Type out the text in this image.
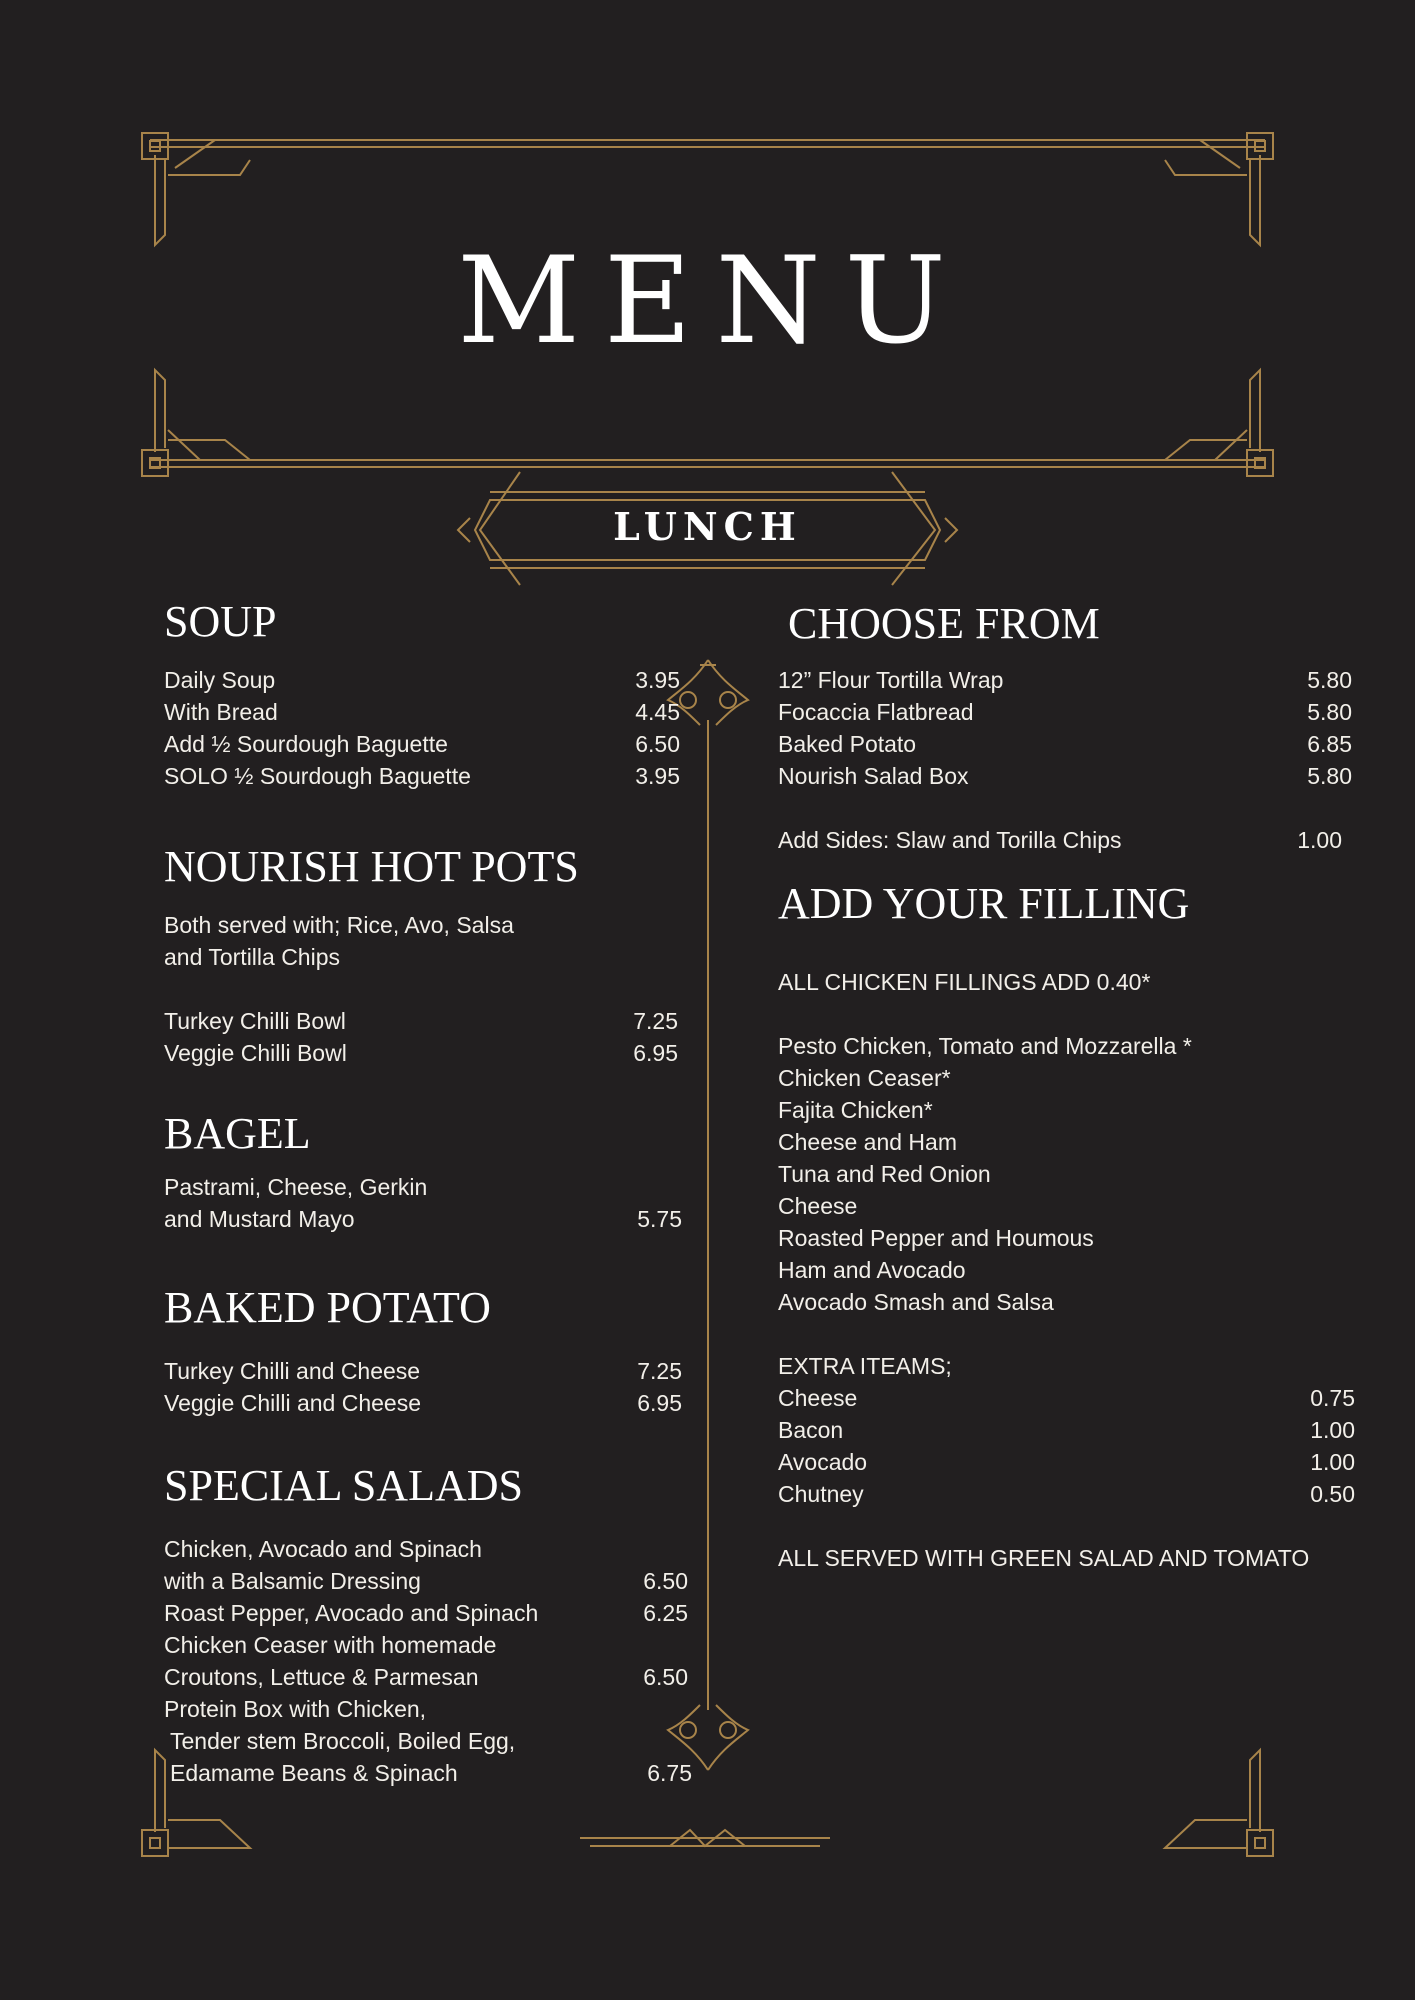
MENU
LUNCH
SOUP
Daily Soup	3.95
With Bread	4.45
Add ½ Sourdough Baguette	6.50
SOLO ½ Sourdough Baguette	3.95
NOURISH HOT POTS
Both served with; Rice, Avo, Salsa
and Tortilla Chips
Turkey Chilli Bowl	7.25
Veggie Chilli Bowl	6.95
BAGEL
Pastrami, Cheese, Gerkin
and Mustard Mayo	5.75
BAKED POTATO
Turkey Chilli and Cheese	7.25
Veggie Chilli and Cheese	6.95
SPECIAL SALADS
Chicken, Avocado and Spinach
with a Balsamic Dressing	6.50
Roast Pepper, Avocado and Spinach	6.25
Chicken Ceaser with homemade
Croutons, Lettuce & Parmesan	6.50
Protein Box with Chicken,
Tender stem Broccoli, Boiled Egg,
Edamame Beans & Spinach	6.75
CHOOSE FROM
12” Flour Tortilla Wrap	5.80
Focaccia Flatbread	5.80
Baked Potato	6.85
Nourish Salad Box	5.80
Add Sides: Slaw and Torilla Chips	1.00
ADD YOUR FILLING
ALL CHICKEN FILLINGS ADD 0.40*
Pesto Chicken, Tomato and Mozzarella *
Chicken Ceaser*
Fajita Chicken*
Cheese and Ham
Tuna and Red Onion
Cheese
Roasted Pepper and Houmous
Ham and Avocado
Avocado Smash and Salsa
EXTRA ITEAMS;
Cheese	0.75
Bacon	1.00
Avocado	1.00
Chutney	0.50
ALL SERVED WITH GREEN SALAD AND TOMATO
